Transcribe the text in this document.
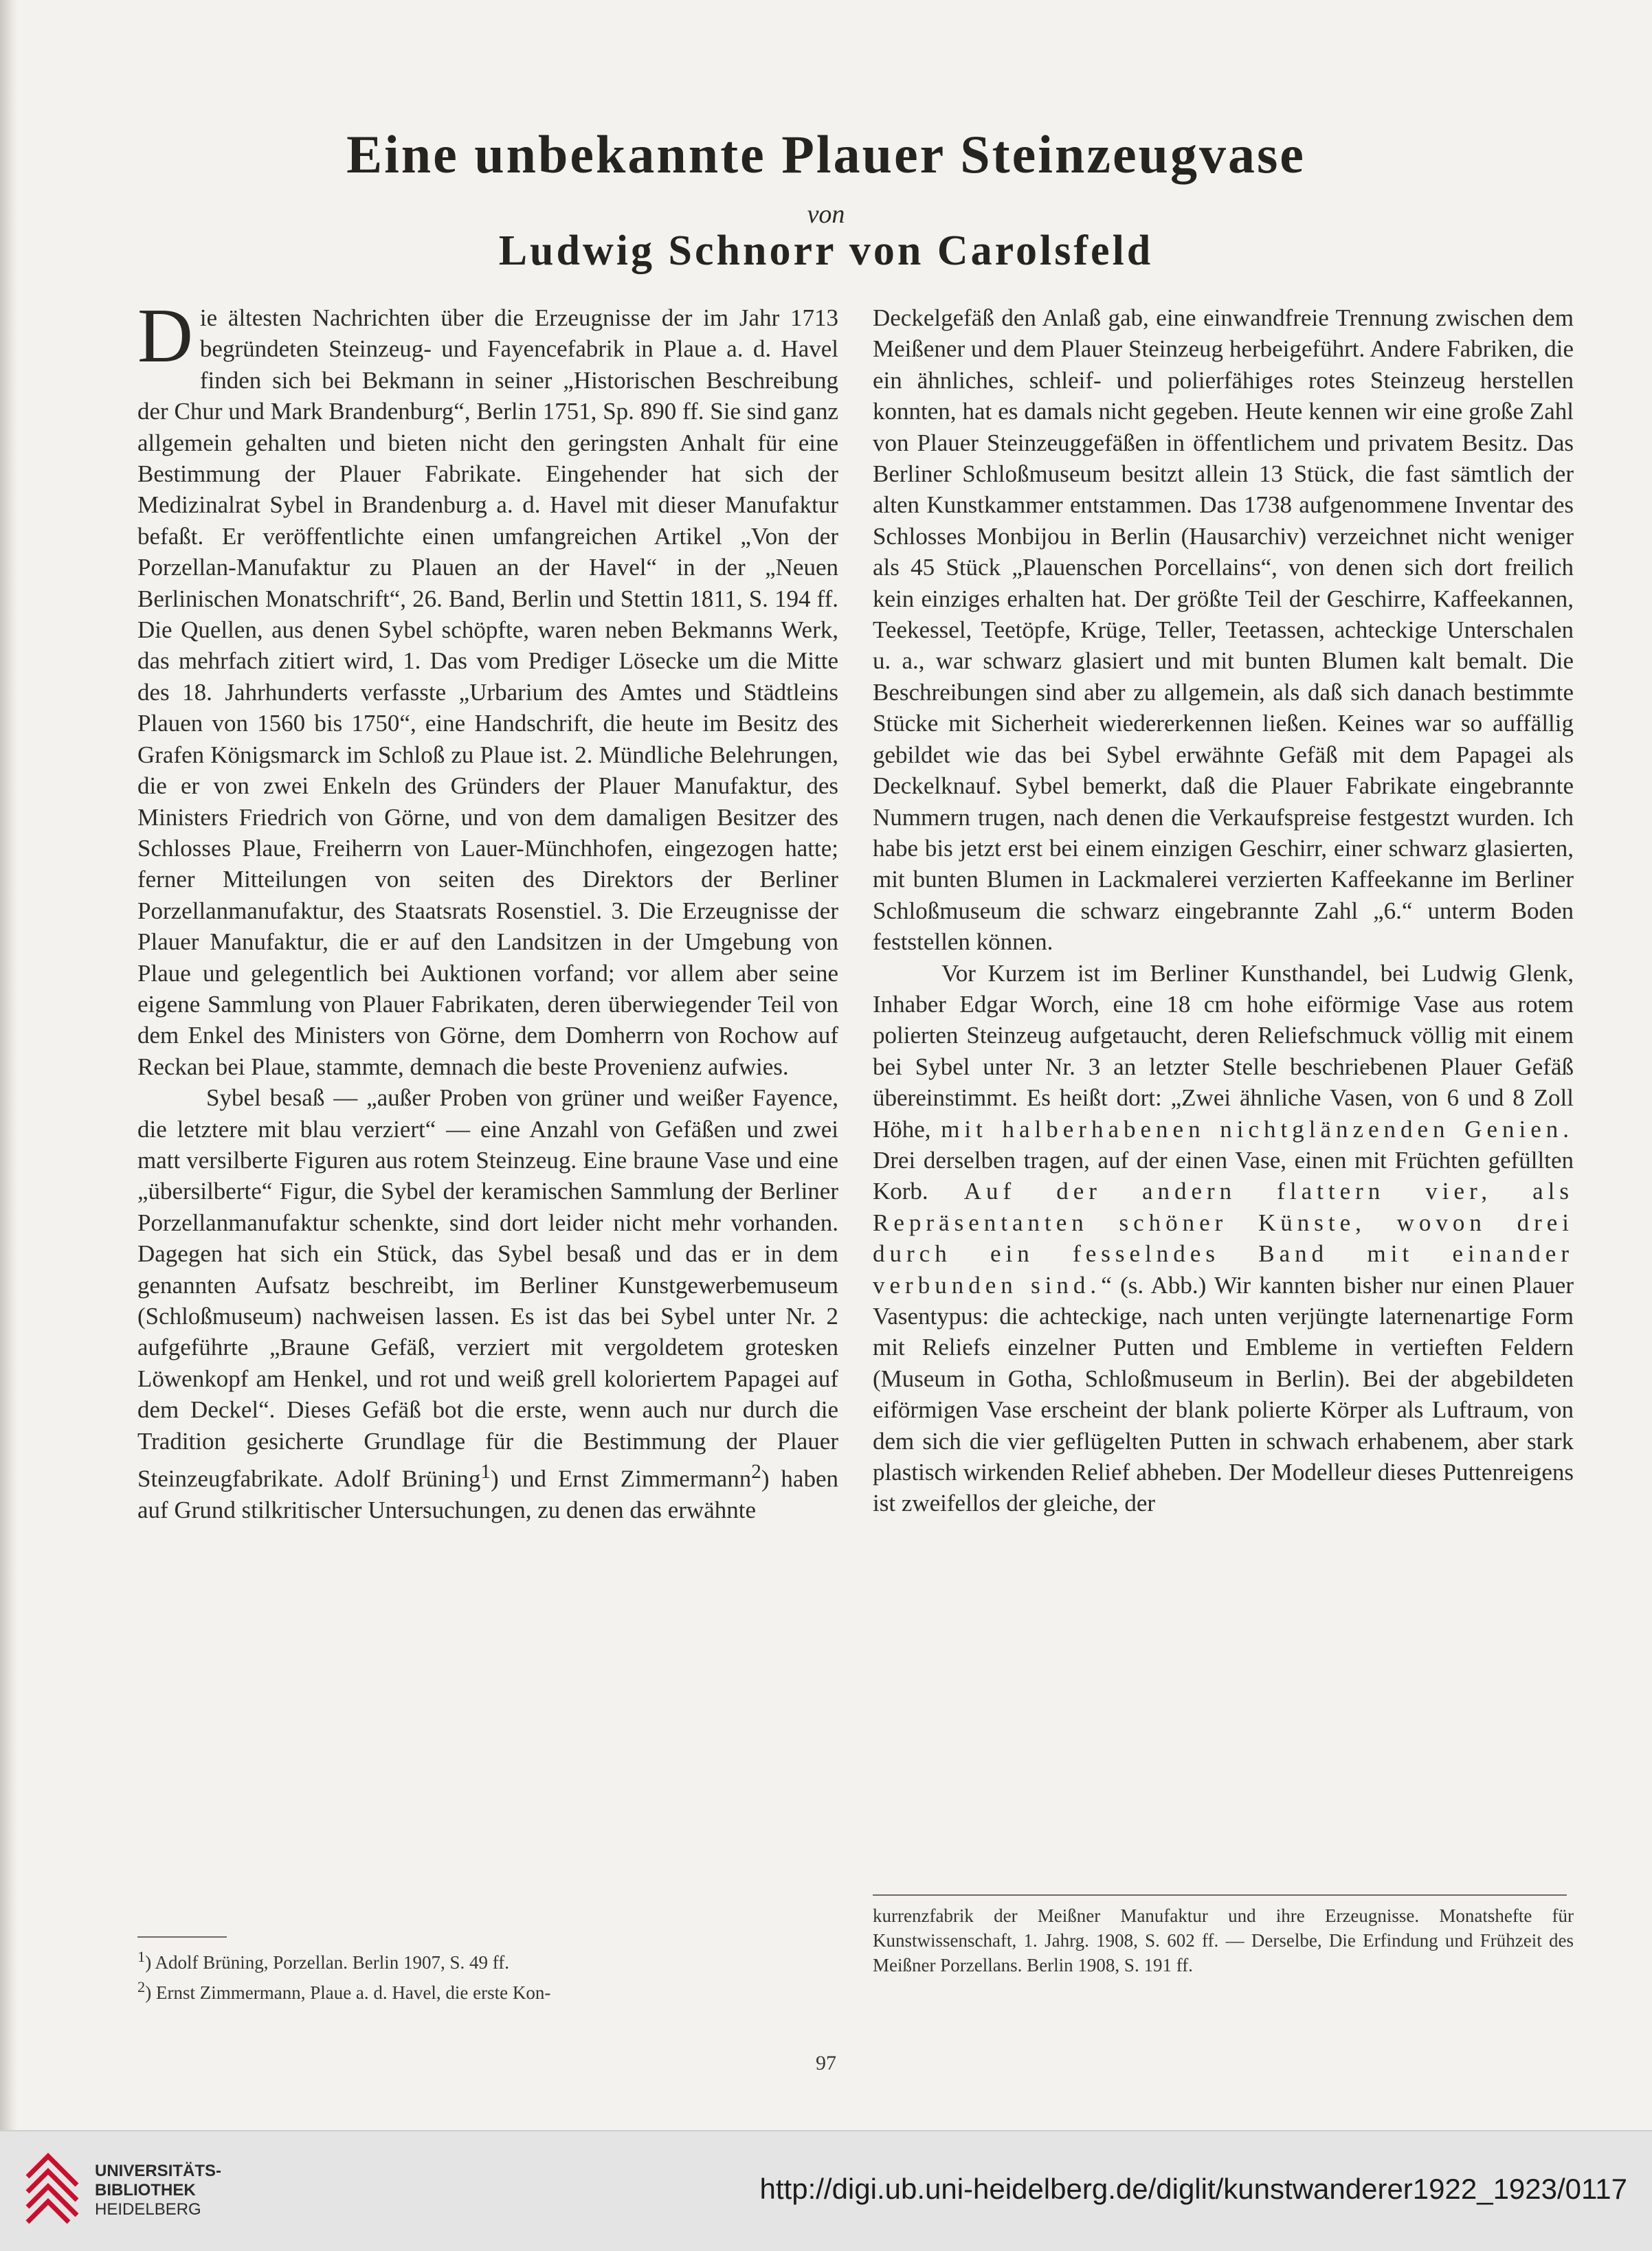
Eine unbekannte Plauer Steinzeugvase
von
Ludwig Schnorr von Carolsfeld

Die ältesten Nachrichten über die Erzeugnisse der im Jahr 1713 begründeten Steinzeug- und Fayencefabrik in Plaue a. d. Havel finden sich bei Bekmann in seiner „Historischen Beschreibung der Chur und Mark Brandenburg“, Berlin 1751, Sp. 890 ff. Sie sind ganz allgemein gehalten und bieten nicht den geringsten Anhalt für eine Bestimmung der Plauer Fabrikate. Eingehender hat sich der Medizinalrat Sybel in Brandenburg a. d. Havel mit dieser Manufaktur befaßt. Er veröffentlichte einen umfangreichen Artikel „Von der Porzellan-Manufaktur zu Plauen an der Havel“ in der „Neuen Berlinischen Monatschrift“, 26. Band, Berlin und Stettin 1811, S. 194 ff. Die Quellen, aus denen Sybel schöpfte, waren neben Bekmanns Werk, das mehrfach zitiert wird, 1. Das vom Prediger Lösecke um die Mitte des 18. Jahrhunderts verfasste „Urbarium des Amtes und Städtleins Plauen von 1560 bis 1750“, eine Handschrift, die heute im Besitz des Grafen Königsmarck im Schloß zu Plaue ist. 2. Mündliche Belehrungen, die er von zwei Enkeln des Gründers der Plauer Manufaktur, des Ministers Friedrich von Görne, und von dem damaligen Besitzer des Schlosses Plaue, Freiherrn von Lauer-Münchhofen, eingezogen hatte; ferner Mitteilungen von seiten des Direktors der Berliner Porzellanmanufaktur, des Staatsrats Rosenstiel. 3. Die Erzeugnisse der Plauer Manufaktur, die er auf den Landsitzen in der Umgebung von Plaue und gelegentlich bei Auktionen vorfand; vor allem aber seine eigene Sammlung von Plauer Fabrikaten, deren überwiegender Teil von dem Enkel des Ministers von Görne, dem Domherrn von Rochow auf Reckan bei Plaue, stammte, demnach die beste Provenienz aufwies.

Sybel besaß — „außer Proben von grüner und weißer Fayence, die letztere mit blau verziert“ — eine Anzahl von Gefäßen und zwei matt versilberte Figuren aus rotem Steinzeug. Eine braune Vase und eine „übersilberte“ Figur, die Sybel der keramischen Sammlung der Berliner Porzellanmanufaktur schenkte, sind dort leider nicht mehr vorhanden. Dagegen hat sich ein Stück, das Sybel besaß und das er in dem genannten Aufsatz beschreibt, im Berliner Kunstgewerbemuseum (Schloßmuseum) nachweisen lassen. Es ist das bei Sybel unter Nr. 2 aufgeführte „Braune Gefäß, verziert mit vergoldetem grotesken Löwenkopf am Henkel, und rot und weiß grell koloriertem Papagei auf dem Deckel“. Dieses Gefäß bot die erste, wenn auch nur durch die Tradition gesicherte Grundlage für die Bestimmung der Plauer Steinzeugfabrikate. Adolf Brüning$^1$) und Ernst Zimmermann$^2$) haben auf Grund stilkritischer Untersuchungen, zu denen das erwähnte

Deckelgefäß den Anlaß gab, eine einwandfreie Trennung zwischen dem Meißener und dem Plauer Steinzeug herbeigeführt. Andere Fabriken, die ein ähnliches, schleif- und polierfähiges rotes Steinzeug herstellen konnten, hat es damals nicht gegeben. Heute kennen wir eine große Zahl von Plauer Steinzeuggefäßen in öffentlichem und privatem Besitz. Das Berliner Schloßmuseum besitzt allein 13 Stück, die fast sämtlich der alten Kunstkammer entstammen. Das 1738 aufgenommene Inventar des Schlosses Monbijou in Berlin (Hausarchiv) verzeichnet nicht weniger als 45 Stück „Plauenschen Porcellains“, von denen sich dort freilich kein einziges erhalten hat. Der größte Teil der Geschirre, Kaffeekannen, Teekessel, Teetöpfe, Krüge, Teller, Teetassen, achteckige Unterschalen u. a., war schwarz glasiert und mit bunten Blumen kalt bemalt. Die Beschreibungen sind aber zu allgemein, als daß sich danach bestimmte Stücke mit Sicherheit wiedererkennen ließen. Keines war so auffällig gebildet wie das bei Sybel erwähnte Gefäß mit dem Papagei als Deckelknauf. Sybel bemerkt, daß die Plauer Fabrikate eingebrannte Nummern trugen, nach denen die Verkaufspreise festgestzt wurden. Ich habe bis jetzt erst bei einem einzigen Geschirr, einer schwarz glasierten, mit bunten Blumen in Lackmalerei verzierten Kaffeekanne im Berliner Schloßmuseum die schwarz eingebrannte Zahl „6.“ unterm Boden feststellen können.

Vor Kurzem ist im Berliner Kunsthandel, bei Ludwig Glenk, Inhaber Edgar Worch, eine 18 cm hohe eiförmige Vase aus rotem polierten Steinzeug aufgetaucht, deren Reliefschmuck völlig mit einem bei Sybel unter Nr. 3 an letzter Stelle beschriebenen Plauer Gefäß übereinstimmt. Es heißt dort: „Zwei ähnliche Vasen, von 6 und 8 Zoll Höhe, mit halberhabenen nichtglänzenden Genien. Drei derselben tragen, auf der einen Vase, einen mit Früchten gefüllten Korb. Auf der andern flattern vier, als Repräsentanten schöner Künste, wovon drei durch ein fesselndes Band mit einander verbunden sind.“ (s. Abb.) Wir kannten bisher nur einen Plauer Vasentypus: die achteckige, nach unten verjüngte laternenartige Form mit Reliefs einzelner Putten und Embleme in vertieften Feldern (Museum in Gotha, Schloßmuseum in Berlin). Bei der abgebildeten eiförmigen Vase erscheint der blank polierte Körper als Luftraum, von dem sich die vier geflügelten Putten in schwach erhabenem, aber stark plastisch wirkenden Relief abheben. Der Modelleur dieses Puttenreigens ist zweifellos der gleiche, der

$^1$) Adolf Brüning, Porzellan. Berlin 1907, S. 49 ff.

$^2$) Ernst Zimmermann, Plaue a. d. Havel, die erste Kon-

kurrenzfabrik der Meißner Manufaktur und ihre Erzeugnisse. Monatshefte für Kunstwissenschaft, 1. Jahrg. 1908, S. 602 ff. — Derselbe, Die Erfindung und Frühzeit des Meißner Porzellans. Berlin 1908, S. 191 ff.

97
UNIVERSITÄTS-
BIBLIOTHEK
HEIDELBERG
http://digi.ub.uni-heidelberg.de/diglit/kunstwanderer1922_1923/0117
